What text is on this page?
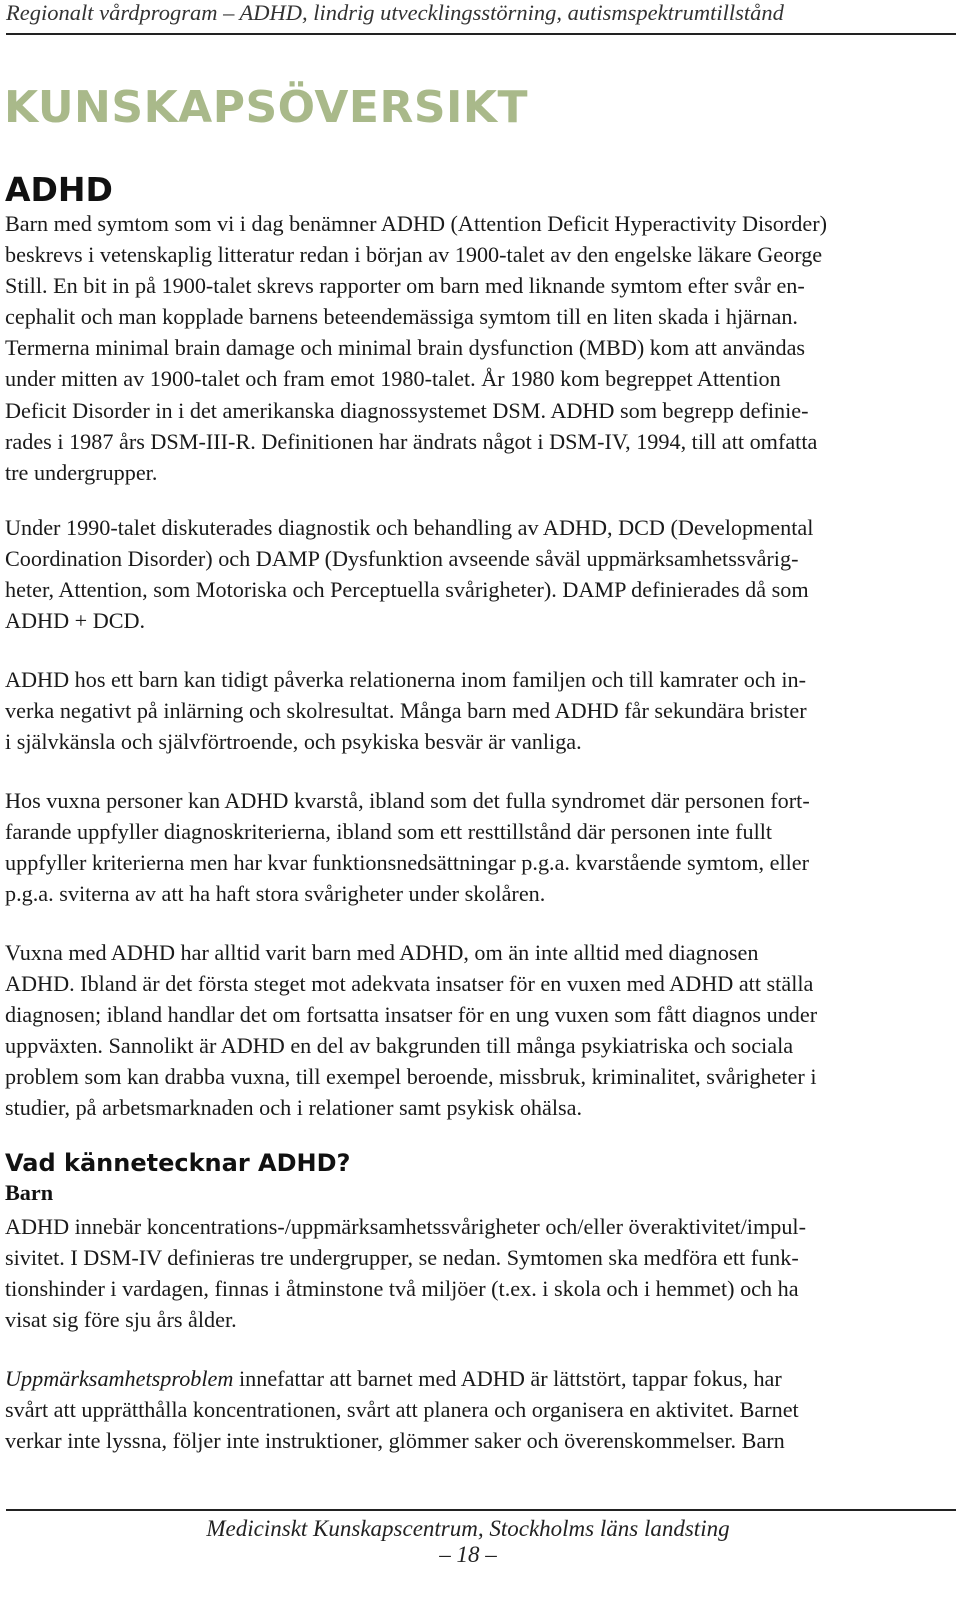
Regionalt vårdprogram – ADHD, lindrig utvecklingsstörning, autismspektrumtillstånd
KUNSKAPSÖVERSIKT
ADHD

Barn med symtom som vi i dag benämner ADHD (Attention Deficit Hyperactivity Disorder)
beskrevs i vetenskaplig litteratur redan i början av 1900-talet av den engelske läkare George
Still. En bit in på 1900-talet skrevs rapporter om barn med liknande symtom efter svår en-
cephalit och man kopplade barnens beteendemässiga symtom till en liten skada i hjärnan.
Termerna minimal brain damage och minimal brain dysfunction (MBD) kom att användas
under mitten av 1900-talet och fram emot 1980-talet. År 1980 kom begreppet Attention
Deficit Disorder in i det amerikanska diagnossystemet DSM. ADHD som begrepp definie-
rades i 1987 års DSM-III-R. Definitionen har ändrats något i DSM-IV, 1994, till att omfatta
tre undergrupper.

Under 1990-talet diskuterades diagnostik och behandling av ADHD, DCD (Developmental
Coordination Disorder) och DAMP (Dysfunktion avseende såväl uppmärksamhetssvårig-
heter, Attention, som Motoriska och Perceptuella svårigheter). DAMP definierades då som
ADHD + DCD.

ADHD hos ett barn kan tidigt påverka relationerna inom familjen och till kamrater och in-
verka negativt på inlärning och skolresultat. Många barn med ADHD får sekundära brister
i självkänsla och självförtroende, och psykiska besvär är vanliga.

Hos vuxna personer kan ADHD kvarstå, ibland som det fulla syndromet där personen fort-
farande uppfyller diagnoskriterierna, ibland som ett resttillstånd där personen inte fullt
uppfyller kriterierna men har kvar funktionsnedsättningar p.g.a. kvarstående symtom, eller
p.g.a. sviterna av att ha haft stora svårigheter under skolåren.

Vuxna med ADHD har alltid varit barn med ADHD, om än inte alltid med diagnosen
ADHD. Ibland är det första steget mot adekvata insatser för en vuxen med ADHD att ställa
diagnosen; ibland handlar det om fortsatta insatser för en ung vuxen som fått diagnos under
uppväxten. Sannolikt är ADHD en del av bakgrunden till många psykiatriska och sociala
problem som kan drabba vuxna, till exempel beroende, missbruk, kriminalitet, svårigheter i
studier, på arbetsmarknaden och i relationer samt psykisk ohälsa.

Vad kännetecknar ADHD?
Barn

ADHD innebär koncentrations-/uppmärksamhetssvårigheter och/eller överaktivitet/impul-
sivitet. I DSM-IV definieras tre undergrupper, se nedan. Symtomen ska medföra ett funk-
tionshinder i vardagen, finnas i åtminstone två miljöer (t.ex. i skola och i hemmet) och ha
visat sig före sju års ålder.

Uppmärksamhetsproblem innefattar att barnet med ADHD är lättstört, tappar fokus, har
svårt att upprätthålla koncentrationen, svårt att planera och organisera en aktivitet. Barnet
verkar inte lyssna, följer inte instruktioner, glömmer saker och överenskommelser. Barn

Medicinskt Kunskapscentrum, Stockholms läns landsting
– 18 –
